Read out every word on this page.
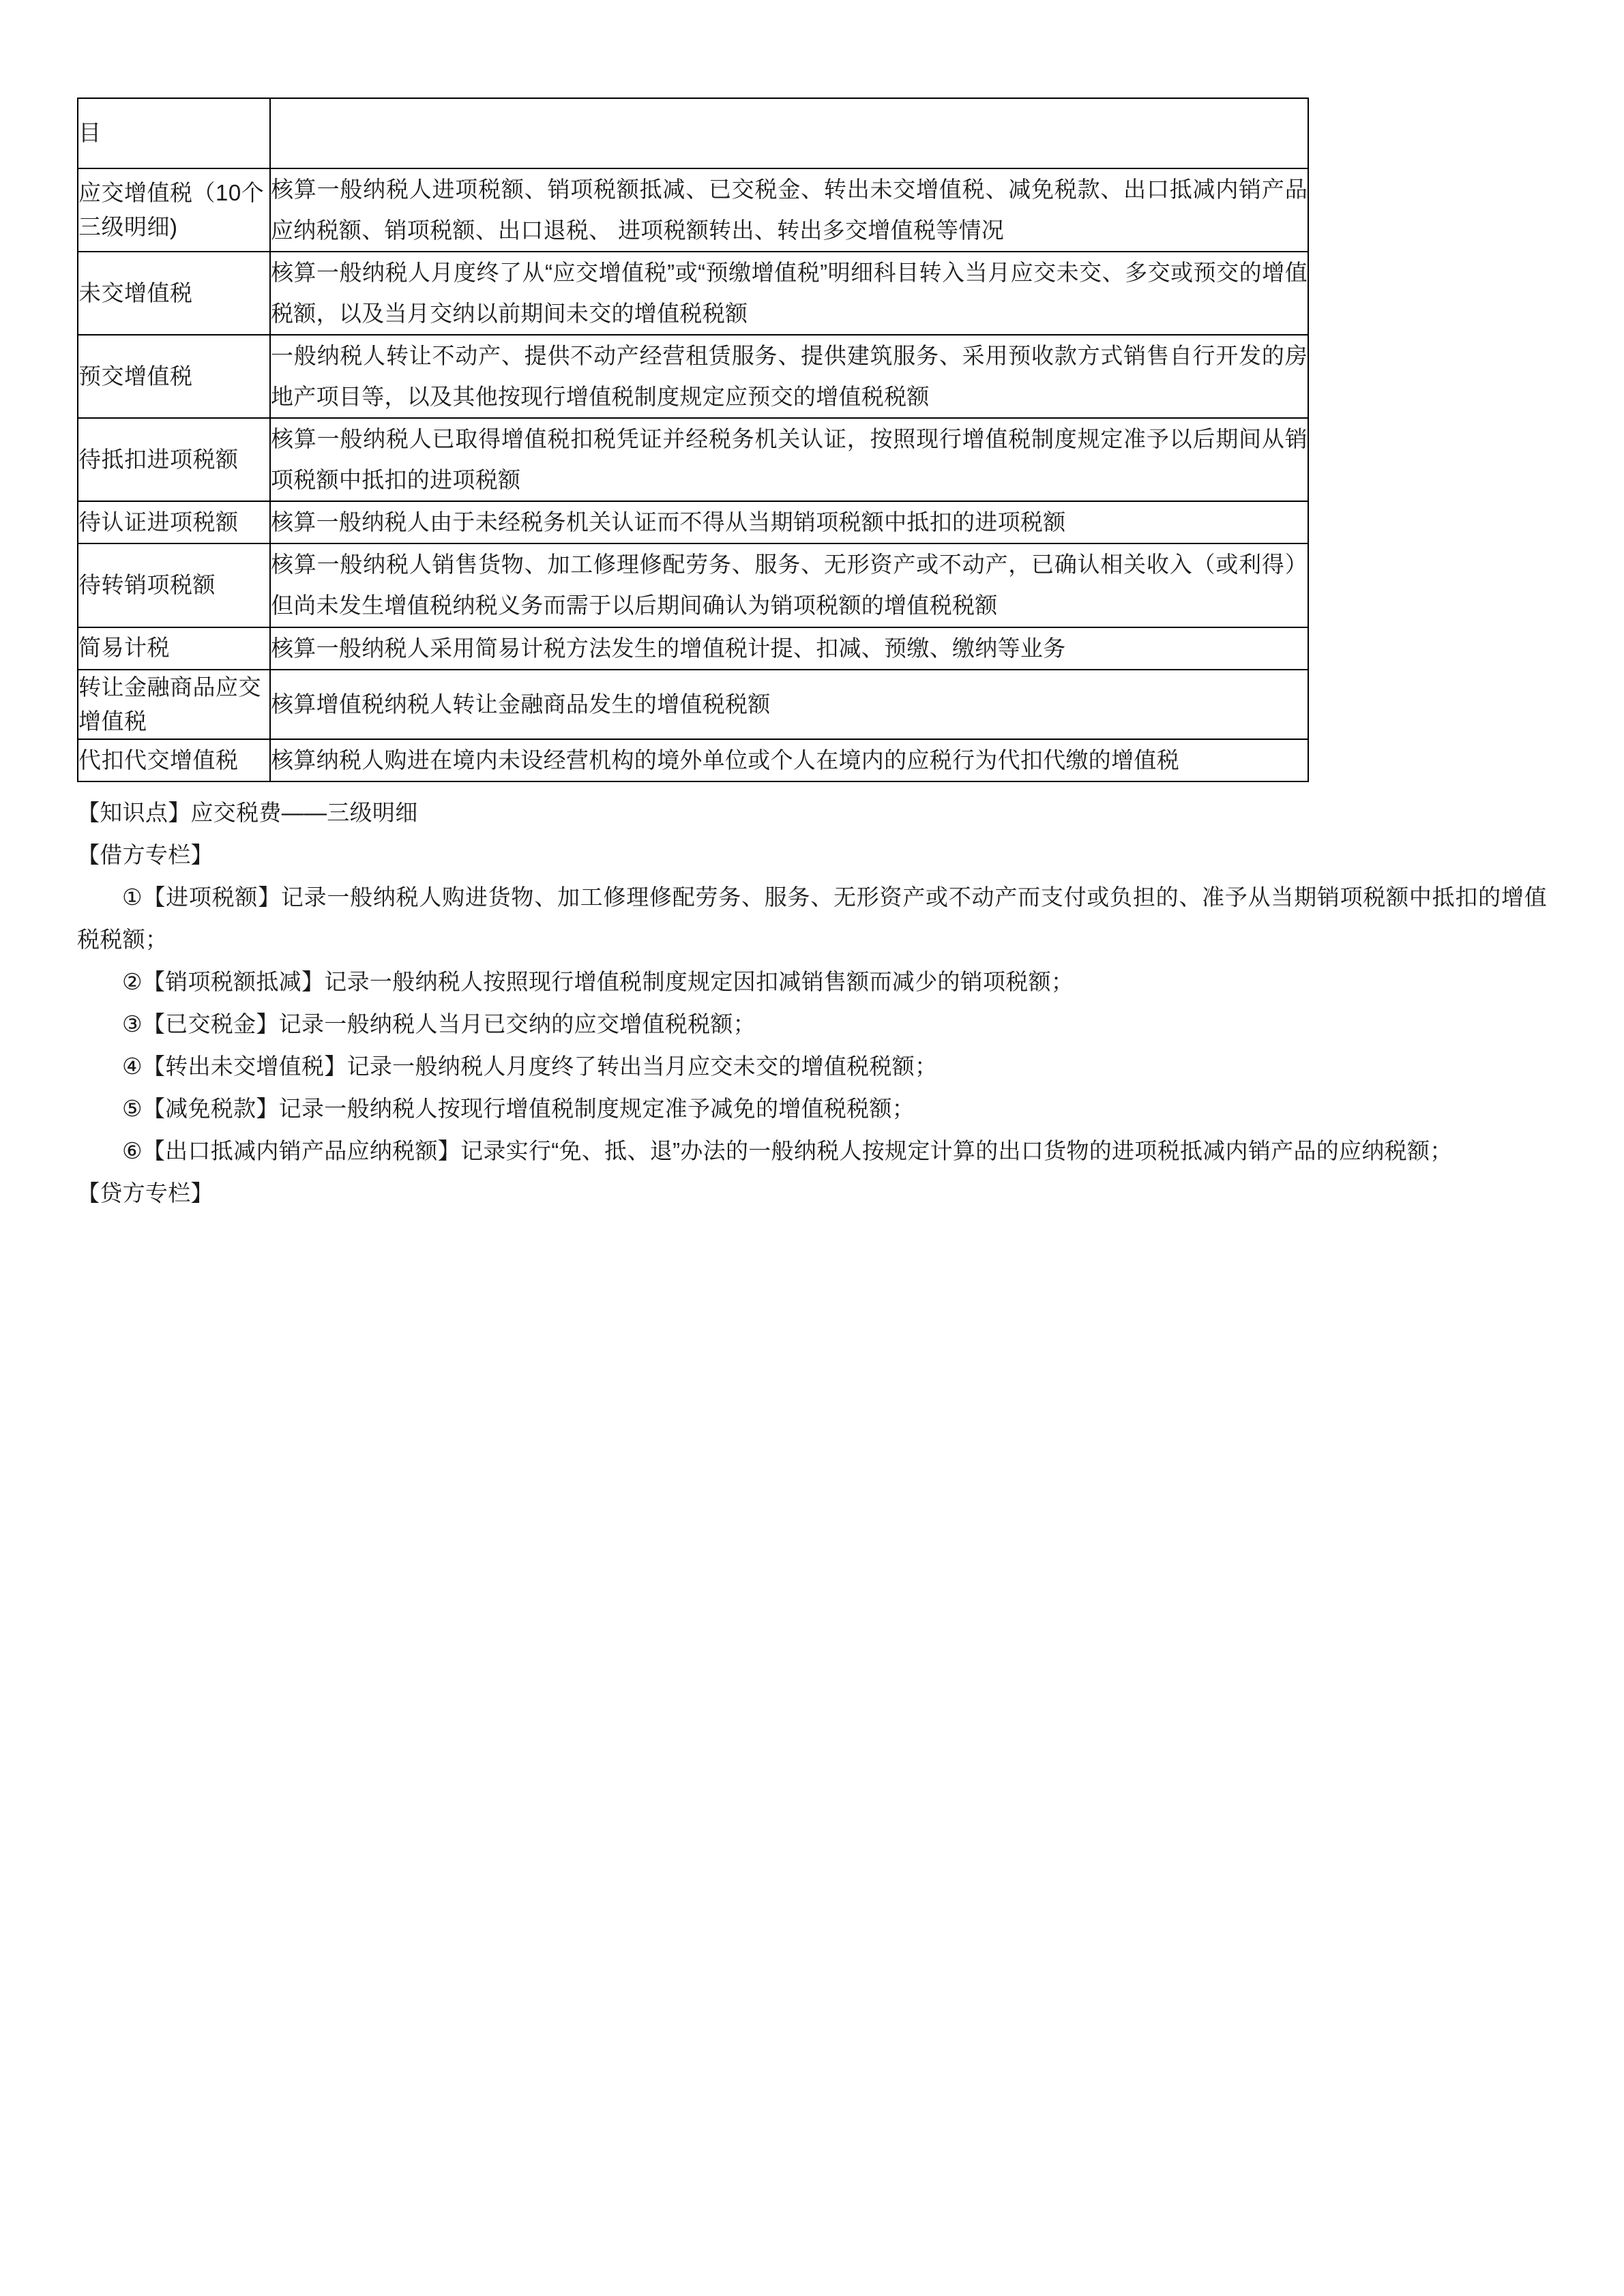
目	
应交增值税（10个三级明细)	核算一般纳税人进项税额、销项税额抵减、已交税金、转出未交增值税、减免税款、出口抵减内销产品应纳税额、销项税额、出口退税、 进项税额转出、转出多交增值税等情况
未交增值税	核算一般纳税人月度终了从“应交增值税”或“预缴增值税”明细科目转入当月应交未交、多交或预交的增值税额，以及当月交纳以前期间未交的增值税税额
预交增值税	一般纳税人转让不动产、提供不动产经营租赁服务、提供建筑服务、采用预收款方式销售自行开发的房地产项目等，以及其他按现行增值税制度规定应预交的增值税税额
待抵扣进项税额	核算一般纳税人已取得增值税扣税凭证并经税务机关认证，按照现行增值税制度规定准予以后期间从销项税额中抵扣的进项税额
待认证进项税额	核算一般纳税人由于未经税务机关认证而不得从当期销项税额中抵扣的进项税额
待转销项税额	核算一般纳税人销售货物、加工修理修配劳务、服务、无形资产或不动产，已确认相关收入（或利得）但尚未发生增值税纳税义务而需于以后期间确认为销项税额的增值税税额
简易计税	核算一般纳税人采用简易计税方法发生的增值税计提、扣减、预缴、缴纳等业务
转让金融商品应交增值税	核算增值税纳税人转让金融商品发生的增值税税额
代扣代交增值税	核算纳税人购进在境内未设经营机构的境外单位或个人在境内的应税行为代扣代缴的增值税

【知识点】应交税费——三级明细

【借方专栏】

①【进项税额】记录一般纳税人购进货物、加工修理修配劳务、服务、无形资产或不动产而支付或负担的、准予从当期销项税额中抵扣的增值税税额；

②【销项税额抵减】记录一般纳税人按照现行增值税制度规定因扣减销售额而减少的销项税额；

③【已交税金】记录一般纳税人当月已交纳的应交增值税税额；

④【转出未交增值税】记录一般纳税人月度终了转出当月应交未交的增值税税额；

⑤【减免税款】记录一般纳税人按现行增值税制度规定准予减免的增值税税额；

⑥【出口抵减内销产品应纳税额】记录实行“免、抵、退”办法的一般纳税人按规定计算的出口货物的进项税抵减内销产品的应纳税额；

【贷方专栏】
